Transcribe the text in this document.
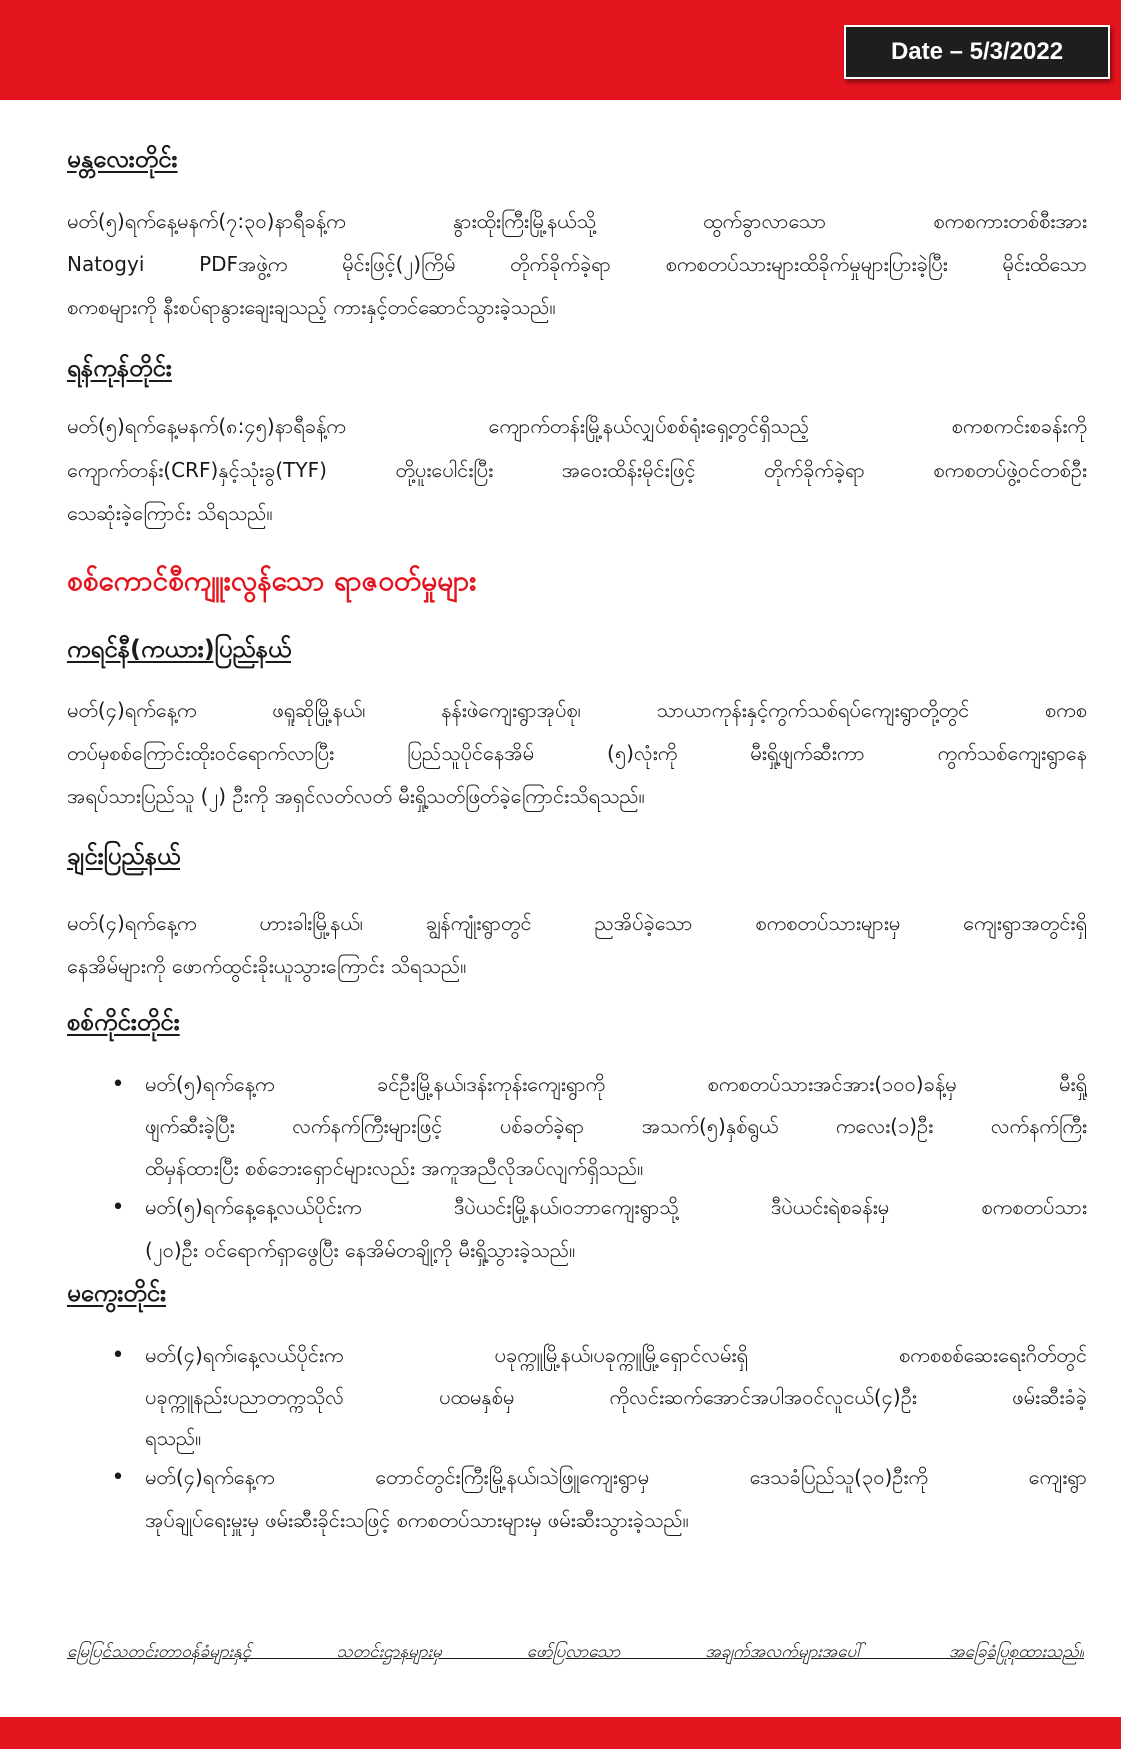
Date – 5/3/2022
မန္တလေးတိုင်း
မတ်(၅)ရက်နေ့မနက်(၇:၃၀)နာရီခန့်က နွားထိုးကြီးမြို့နယ်သို့ ထွက်ခွာလာသော စကစကားတစ်စီးအား
Natogyi PDFအဖွဲ့က မိုင်းဖြင့်(၂)ကြိမ် တိုက်ခိုက်ခဲ့ရာ စကစတပ်သားများထိခိုက်မှုများပြားခဲ့ပြီး မိုင်းထိသော
စကစများကို နီးစပ်ရာနွားချေးချသည့် ကားနှင့်တင်ဆောင်သွားခဲ့သည်။
ရန်ကုန်တိုင်း
မတ်(၅)ရက်နေ့မနက်(၈:၄၅)နာရီခန့်က ကျောက်တန်းမြို့နယ်လျှပ်စစ်ရုံးရှေ့တွင်ရှိသည့် စကစကင်းစခန်းကို
ကျောက်တန်း(CRF)နှင့်သုံးခွ(TYF) တို့ပူးပေါင်းပြီး အဝေးထိန်းမိုင်းဖြင့် တိုက်ခိုက်ခဲ့ရာ စကစတပ်ဖွဲ့ဝင်တစ်ဦး
သေဆုံးခဲ့ကြောင်း သိရသည်။
စစ်ကောင်စီကျူးလွန်သော ရာဇဝတ်မှုများ
ကရင်နီ(ကယား)ပြည်နယ်
မတ်(၄)ရက်နေ့က ဖရူဆိုမြို့နယ်၊ နန်းဖဲကျေးရွာအုပ်စု၊ သာယာကုန်းနှင့်ကွက်သစ်ရပ်ကျေးရွာတို့တွင် စကစ
တပ်မှစစ်ကြောင်းထိုးဝင်ရောက်လာပြီး ပြည်သူပိုင်နေအိမ် (၅)လုံးကို မီးရှို့ဖျက်ဆီးကာ ကွက်သစ်ကျေးရွာနေ
အရပ်သားပြည်သူ (၂) ဦးကို အရှင်လတ်လတ် မီးရှို့သတ်ဖြတ်ခဲ့ကြောင်းသိရသည်။
ချင်းပြည်နယ်
မတ်(၄)ရက်နေ့က ဟားခါးမြို့နယ်၊ ချွန်ကျုံးရွာတွင် ညအိပ်ခဲ့သော စကစတပ်သားများမှ ကျေးရွာအတွင်းရှိ
နေအိမ်များကို ဖောက်ထွင်းခိုးယူသွားကြောင်း သိရသည်။
စစ်ကိုင်းတိုင်း
• မတ်(၅)ရက်နေ့က ခင်ဦးမြို့နယ်၊ဒန်းကုန်းကျေးရွာကို စကစတပ်သားအင်အား(၁၀၀)ခန့်မှ မီးရှို့
ဖျက်ဆီးခဲ့ပြီး လက်နက်ကြီးများဖြင့် ပစ်ခတ်ခဲ့ရာ အသက်(၅)နှစ်ရွယ် ကလေး(၁)ဦး လက်နက်ကြီး
ထိမှန်ထားပြီး စစ်ဘေးရှောင်များလည်း အကူအညီလိုအပ်လျက်ရှိသည်။
• မတ်(၅)ရက်နေ့နေ့လယ်ပိုင်းက ဒီပဲယင်းမြို့နယ်၊ဝဘာကျေးရွာသို့ ဒီပဲယင်းရဲစခန်းမှ စကစတပ်သား
(၂၀)ဦး ဝင်ရောက်ရှာဖွေပြီး နေအိမ်တချို့ကို မီးရှို့သွားခဲ့သည်။
မကွေးတိုင်း
• မတ်(၄)ရက်၊နေ့လယ်ပိုင်းက ပခုက္ကူမြို့နယ်၊ပခုက္ကူမြို့ရှောင်လမ်းရှိ စကစစစ်ဆေးရေးဂိတ်တွင်
ပခုက္ကူနည်းပညာတက္ကသိုလ် ပထမနှစ်မှ ကိုလင်းဆက်အောင်အပါအဝင်လူငယ်(၄)ဦး ဖမ်းဆီးခံခဲ့
ရသည်။
• မတ်(၄)ရက်နေ့က တောင်တွင်းကြီးမြို့နယ်၊သဲဖြူကျေးရွာမှ ဒေသခံပြည်သူ(၃၀)ဦးကို ကျေးရွာ
အုပ်ချုပ်ရေးမှူးမှ ဖမ်းဆီးခိုင်းသဖြင့် စကစတပ်သားများမှ ဖမ်းဆီးသွားခဲ့သည်။
မြေပြင်သတင်းတာဝန်ခံများနှင့် သတင်းဌာနများမှ ဖော်ပြလာသော အချက်အလက်များအပေါ် အခြေခံပြုစုထားသည်။
